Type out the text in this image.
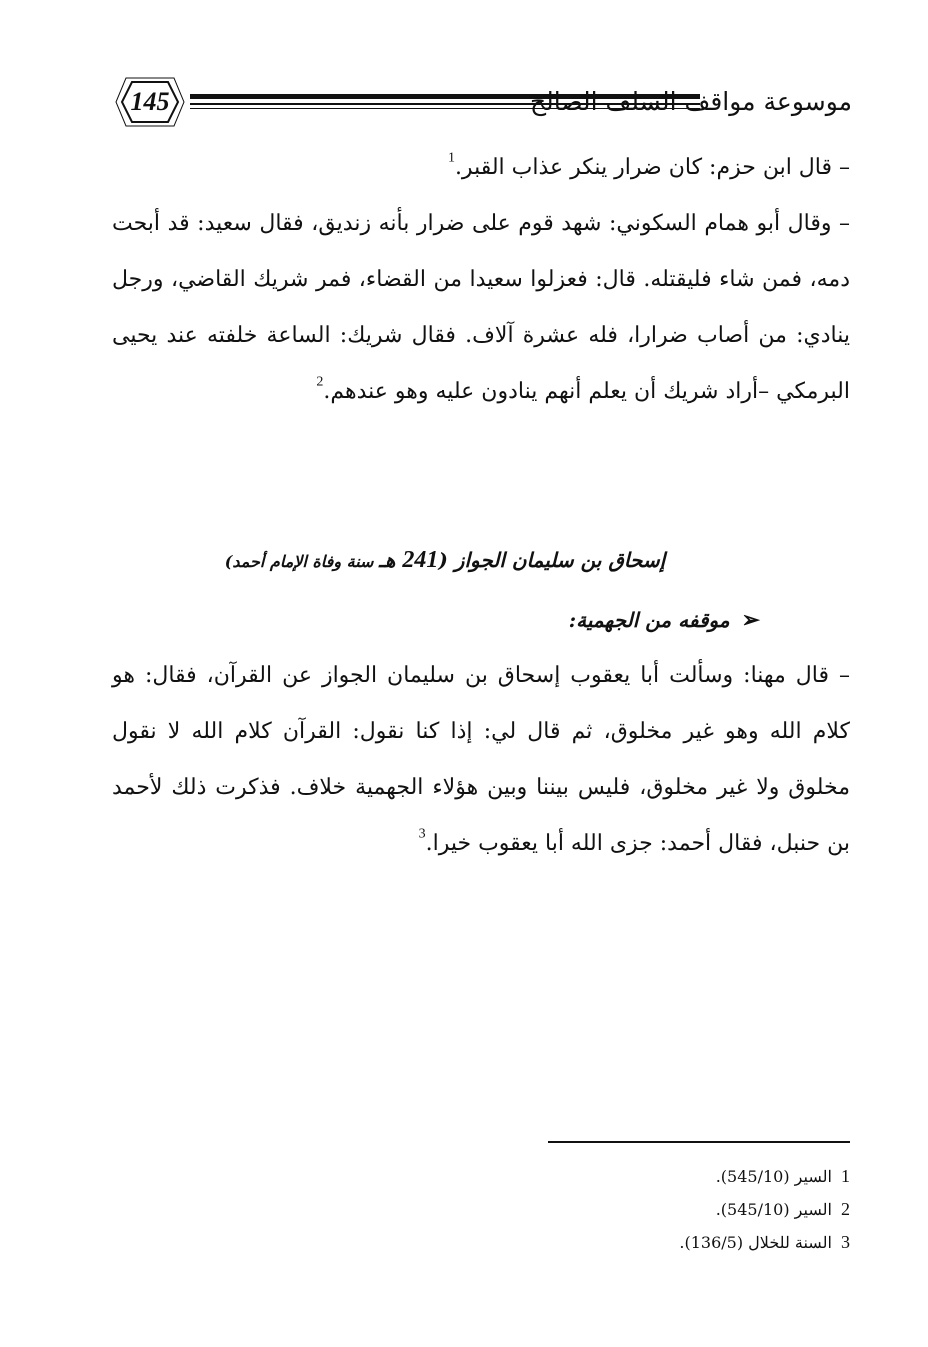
145	موسوعة مواقف السلف الصالح

– قال ابن حزم: كان ضرار ينكر عذاب القبر.$^1$

– وقال أبو همام السكوني: شهد قوم على ضرار بأنه زنديق، فقال سعيد: قد أبحت دمه، فمن شاء فليقتله. قال: فعزلوا سعيدا من القضاء، فمر شريك القاضي، ورجل ينادي: من أصاب ضرارا، فله عشرة آلاف. فقال شريك: الساعة خلفته عند يحيى البرمكي –أراد شريك أن يعلم أنهم ينادون عليه وهو عندهم.$^2$

إسحاق بن سليمان الجواز (241 هـ سنة وفاة الإمام أحمد)
➢
موقفه من الجهمية:

– قال مهنا: وسألت أبا يعقوب إسحاق بن سليمان الجواز عن القرآن، فقال: هو كلام الله وهو غير مخلوق، ثم قال لي: إذا كنا نقول: القرآن كلام الله لا نقول مخلوق ولا غير مخلوق، فليس بيننا وبين هؤلاء الجهمية خلاف. فذكرت ذلك لأحمد بن حنبل، فقال أحمد: جزى الله أبا يعقوب خيرا.$^3$

1 السير (545/10).
2 السير (545/10).
3 السنة للخلال (136/5).
